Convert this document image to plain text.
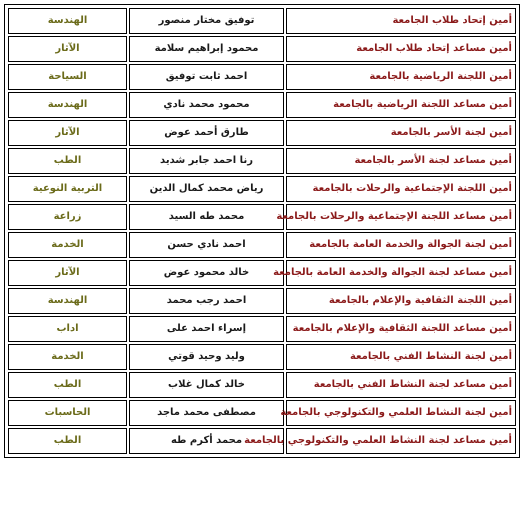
أمين إتحاد طلاب الجامعة	توفيق مختار منصور	الهندسة
أمين مساعد إتحاد طلاب الجامعة	محمود إبراهيم سلامة	الآثار
أمين اللجنة الرياضية بالجامعة	احمد ثابت توفيق	السياحة
أمين مساعد اللجنة الرياضية بالجامعة	محمود محمد نادي	الهندسة
أمين لجنة الأسر بالجامعة	طارق أحمد عوض	الآثار
أمين مساعد لجنة الأسر بالجامعة	رنا احمد جابر شديد	الطب
أمين اللجنة الإجتماعية والرحلات بالجامعة	رياض محمد كمال الدين	التربية النوعية
أمين مساعد اللجنة الإجتماعية والرحلات بالجامعة	محمد طه السيد	زراعة
أمين لجنة الجوالة والخدمة العامة بالجامعة	احمد نادي حسن	الخدمة
أمين مساعد لجنة الجوالة والخدمة العامة بالجامعة	خالد محمود عوض	الآثار
أمين اللجنة الثقافية والإعلام بالجامعة	احمد رجب محمد	الهندسة
أمين مساعد اللجنة الثقافية والإعلام بالجامعة	إسراء احمد على	اداب
أمين لجنة النشاط الفني بالجامعة	وليد وحيد قوتي	الخدمة
أمين مساعد لجنة النشاط الفني بالجامعة	خالد كمال غلاب	الطب
أمين لجنة النشاط العلمي والتكنولوجي بالجامعة	مصطفى محمد ماجد	الحاسبات
أمين مساعد لجنة النشاط العلمي والتكنولوجي بالجامعة	محمد أكرم طه	الطب
